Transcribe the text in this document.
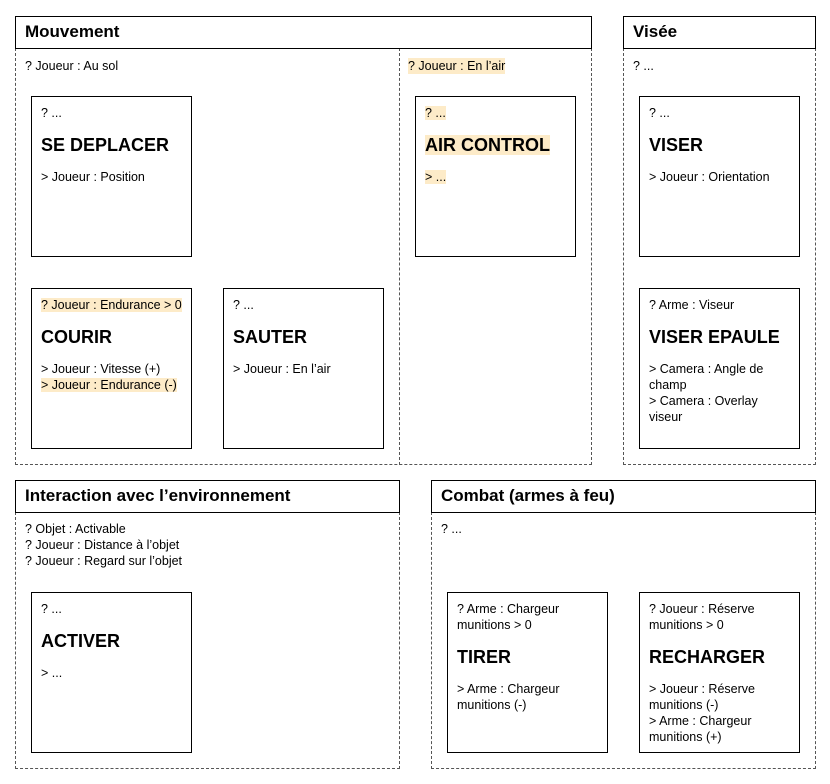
Mouvement
? Joueur : Au sol	? Joueur : En l’air
? ...
SE DEPLACER
> Joueur : Position
? Joueur : Endurance > 0
COURIR
> Joueur : Vitesse (+)
> Joueur : Endurance (-)
? ...
SAUTER
> Joueur : En l’air
? ...
AIR CONTROL
> ...
Visée
? ...
? ...
VISER
> Joueur : Orientation
? Arme : Viseur
VISER EPAULE
> Camera : Angle de champ
> Camera : Overlay viseur
Interaction avec l’environnement
? Objet : Activable
? Joueur : Distance à l’objet
? Joueur : Regard sur l’objet
? ...
ACTIVER
> ...
Combat (armes à feu)
? ...
? Arme : Chargeur munitions > 0
TIRER
> Arme : Chargeur munitions (-)
? Joueur : Réserve munitions > 0
RECHARGER
> Joueur : Réserve munitions (-)
> Arme : Chargeur munitions (+)
